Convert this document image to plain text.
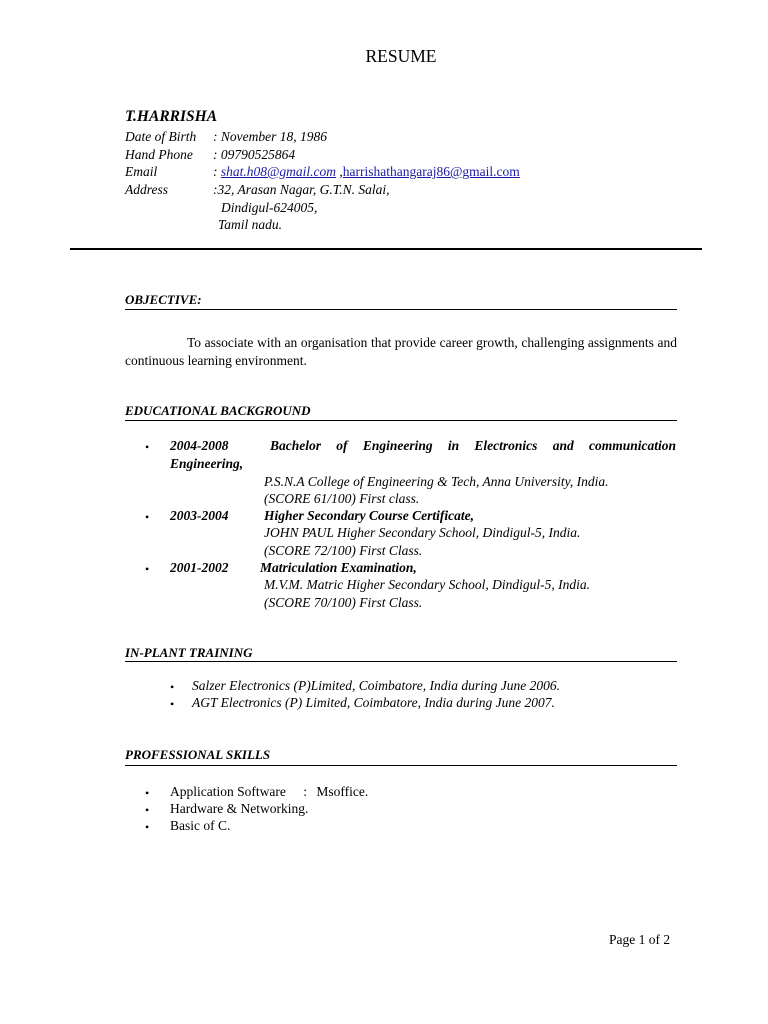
RESUME
T.HARRISHA
Date of Birth : November 18, 1986
Hand Phone : 09790525864
Email	: shat.h08@gmail.com ,harrishathangaraj86@gmail.com
Address	:32, Arasan Nagar, G.T.N. Salai,
Dindigul-624005,
Tamil nadu.
OBJECTIVE:
To associate with an organisation that provide career growth, challenging assignments and continuous learning environment.
EDUCATIONAL BACKGROUND
• 2004-2008	Bachelor of Engineering in Electronics and communication
Engineering,
P.S.N.A College of Engineering & Tech, Anna University, India.
(SCORE 61/100) First class.
• 2003-2004	Higher Secondary Course Certificate,
JOHN PAUL Higher Secondary School, Dindigul-5, India.
(SCORE 72/100) First Class.
• 2001-2002 Matriculation Examination,
M.V.M. Matric Higher Secondary School, Dindigul-5, India.
(SCORE 70/100) First Class.
IN-PLANT TRAINING
• Salzer Electronics (P)Limited, Coimbatore, India during June 2006.
• AGT Electronics (P) Limited, Coimbatore, India during June 2007.
PROFESSIONAL SKILLS
• Application Software : Msoffice.
• Hardware & Networking.
• Basic of C.
Page 1 of 2
